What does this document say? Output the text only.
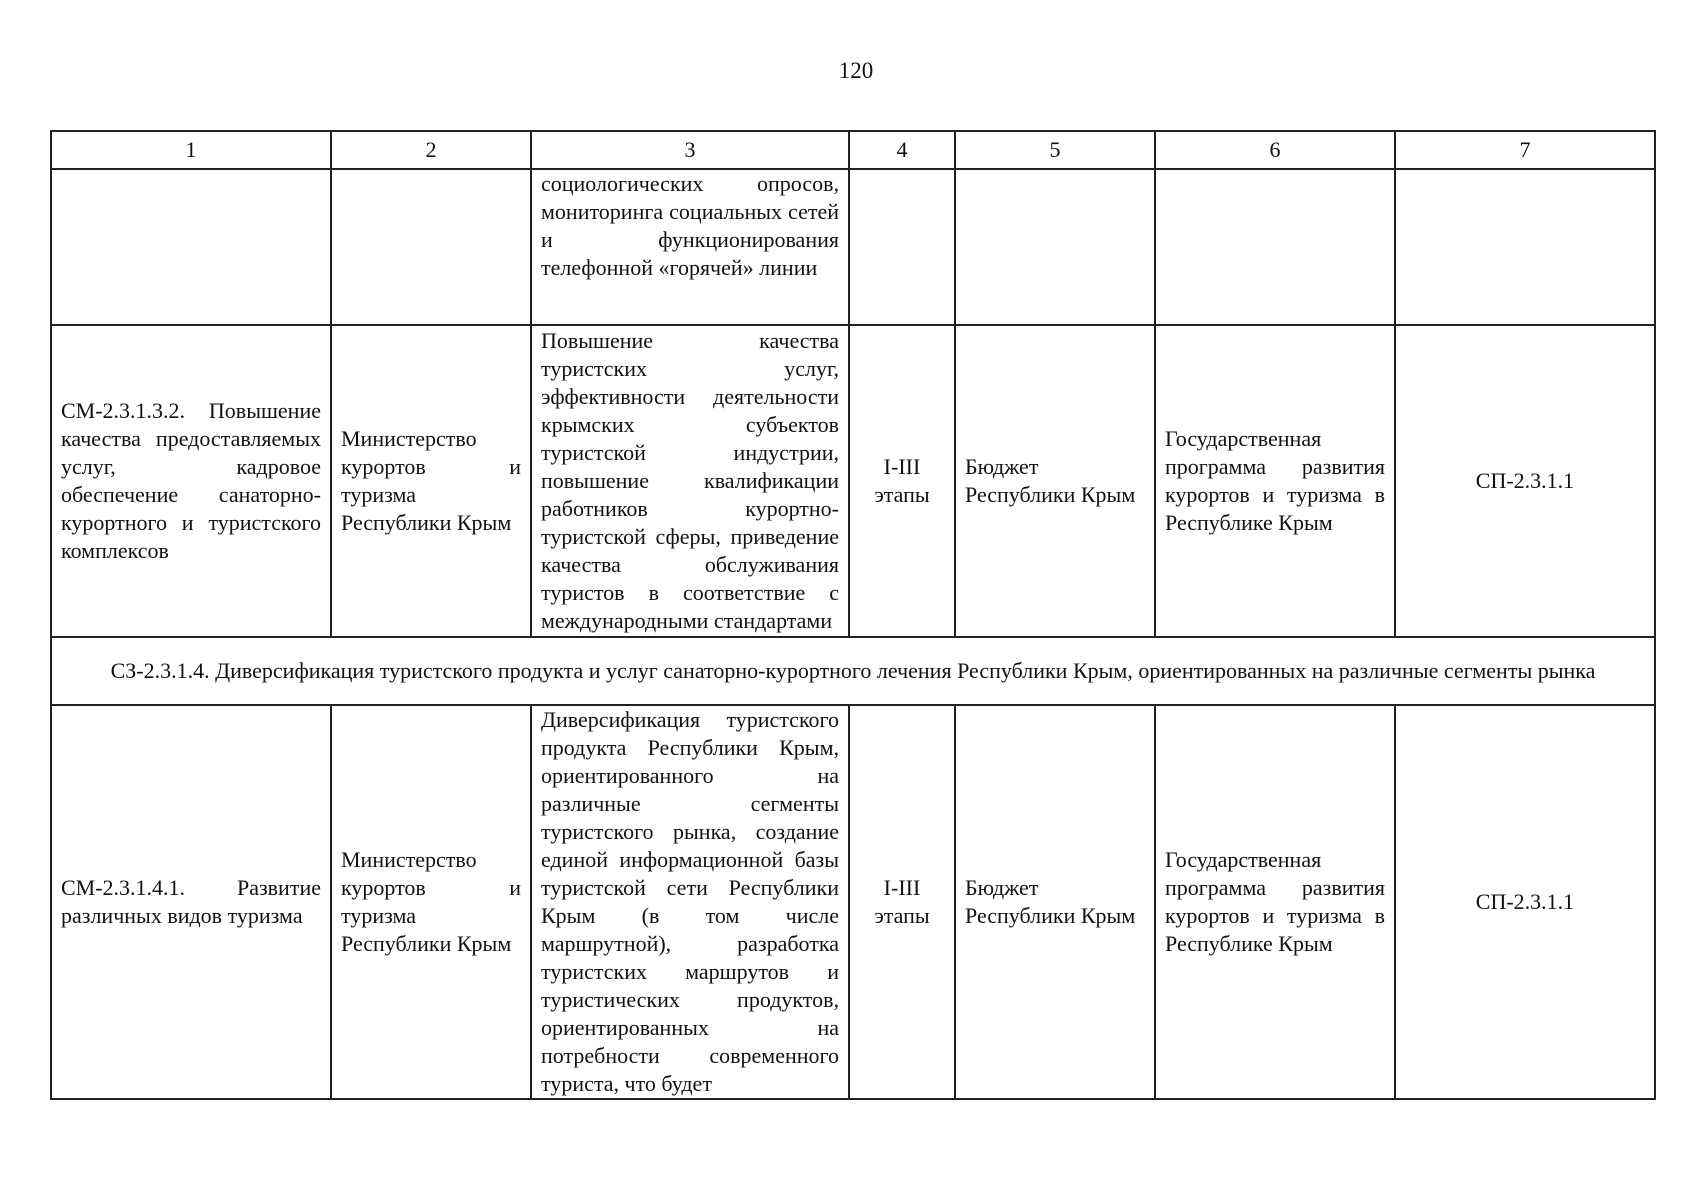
120
1	2	3	4	5	6	7
		социологических опросов, мониторинга социальных сетей и функционирования телефонной «горячей» линии				
СМ-2.3.1.3.2. Повышение качества предоставляемых услуг, кадровое обеспечение санаторно-курортного и туристского комплексов	Министерство курортов и туризма Республики Крым	Повышение качества туристских услуг, эффективности деятельности крымских субъектов туристской индустрии, повышение квалификации работников курортно-туристской сферы, приведение качества обслуживания туристов в соответствие с международными стандартами	I-III этапы	Бюджет Республики Крым	Государственная программа развития курортов и туризма в Республике Крым	СП-2.3.1.1
СЗ-2.3.1.4. Диверсификация туристского продукта и услуг санаторно-курортного лечения Республики Крым, ориентированных на различные сегменты рынка						
СМ-2.3.1.4.1. Развитие различных видов туризма	Министерство курортов и туризма Республики Крым	Диверсификация туристского продукта Республики Крым, ориентированного на различные сегменты туристского рынка, создание единой информационной базы туристской сети Республики Крым (в том числе маршрутной), разработка туристских маршрутов и туристических продуктов, ориентированных на потребности современного туриста, что будет	I-III этапы	Бюджет Республики Крым	Государственная программа развития курортов и туризма в Республике Крым	СП-2.3.1.1
